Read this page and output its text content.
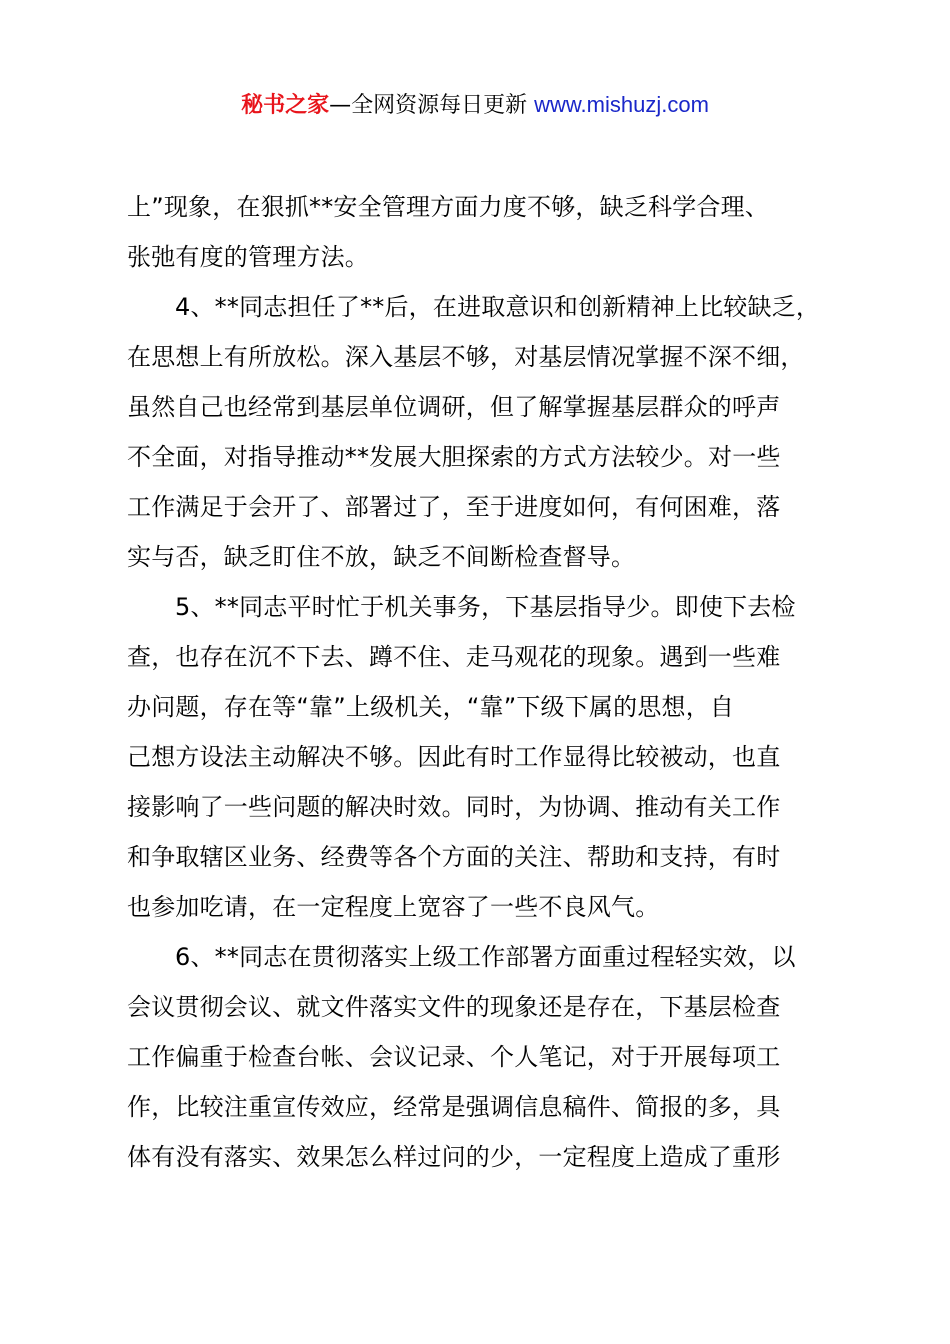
秘书之家—全网资源每日更新 www.mishuzj.com
上”现象，在狠抓**安全管理方面力度不够，缺乏科学合理、
张弛有度的管理方法。
4、**同志担任了**后，在进取意识和创新精神上比较缺乏，
在思想上有所放松。深入基层不够，对基层情况掌握不深不细，
虽然自己也经常到基层单位调研，但了解掌握基层群众的呼声
不全面，对指导推动**发展大胆探索的方式方法较少。对一些
工作满足于会开了、部署过了，至于进度如何，有何困难，落
实与否，缺乏盯住不放，缺乏不间断检查督导。
5、**同志平时忙于机关事务，下基层指导少。即使下去检
查，也存在沉不下去、蹲不住、走马观花的现象。遇到一些难
办问题，存在等“靠”上级机关，“靠”下级下属的思想，自
己想方设法主动解决不够。因此有时工作显得比较被动，也直
接影响了一些问题的解决时效。同时，为协调、推动有关工作
和争取辖区业务、经费等各个方面的关注、帮助和支持，有时
也参加吃请，在一定程度上宽容了一些不良风气。
6、**同志在贯彻落实上级工作部署方面重过程轻实效，以
会议贯彻会议、就文件落实文件的现象还是存在，下基层检查
工作偏重于检查台帐、会议记录、个人笔记，对于开展每项工
作，比较注重宣传效应，经常是强调信息稿件、简报的多，具
体有没有落实、效果怎么样过问的少，一定程度上造成了重形
